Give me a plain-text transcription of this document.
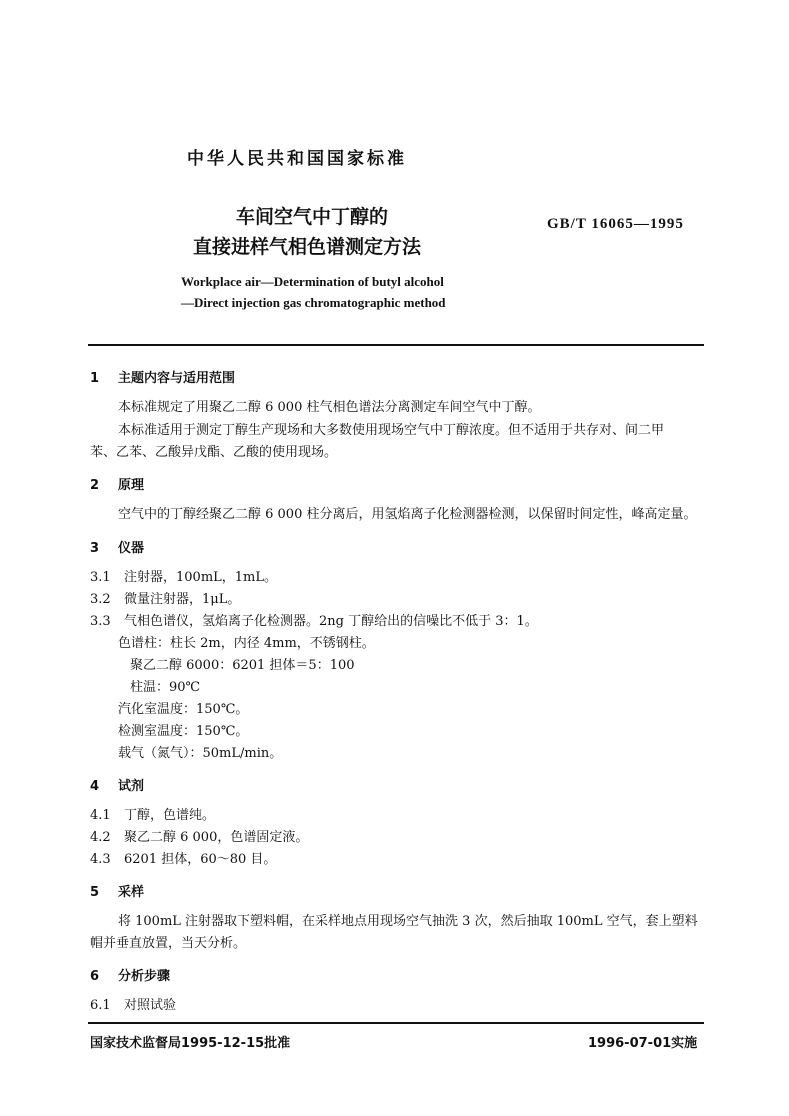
中华人民共和国国家标准
车间空气中丁醇的
直接进样气相色谱测定方法
GB/T 16065—1995
Workplace air—Determination of butyl alcohol
—Direct injection gas chromatographic method
1 主题内容与适用范围
本标准规定了用聚乙二醇 6 000 柱气相色谱法分离测定车间空气中丁醇。
本标准适用于测定丁醇生产现场和大多数使用现场空气中丁醇浓度。但不适用于共存对、间二甲
苯、乙苯、乙酸异戊酯、乙酸的使用现场。
2 原理
空气中的丁醇经聚乙二醇 6 000 柱分离后，用氢焰离子化检测器检测，以保留时间定性，峰高定量。
3 仪器
3.1 注射器，100mL，1mL。
3.2 微量注射器，1μL。
3.3 气相色谱仪，氢焰离子化检测器。2ng 丁醇给出的信噪比不低于 3：1。
色谱柱：柱长 2m，内径 4mm，不锈钢柱。
聚乙二醇 6000：6201 担体＝5：100
柱温：90℃
汽化室温度：150℃。
检测室温度：150℃。
载气（氮气）：50mL/min。
4 试剂
4.1 丁醇，色谱纯。
4.2 聚乙二醇 6 000，色谱固定液。
4.3 6201 担体，60～80 目。
5 采样
将 100mL 注射器取下塑料帽，在采样地点用现场空气抽洗 3 次，然后抽取 100mL 空气，套上塑料
帽并垂直放置，当天分析。
6 分析步骤
6.1 对照试验
国家技术监督局1995-12-15批准	1996-07-01实施
